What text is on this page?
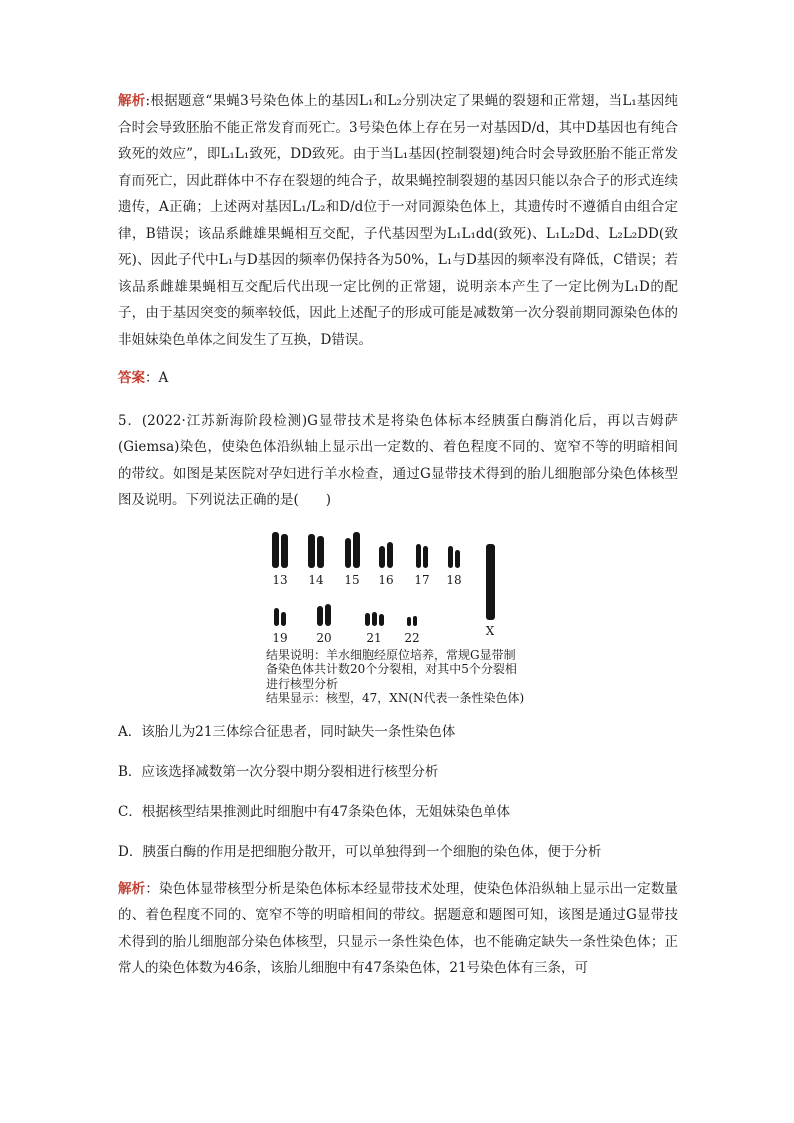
解析:根据题意“果蝇3号染色体上的基因L₁和L₂分别决定了果蝇的裂翅和正常翅，当L₁基因纯合时会导致胚胎不能正常发育而死亡。3号染色体上存在另一对基因D/d，其中D基因也有纯合致死的效应”，即L₁L₁致死，DD致死。由于当L₁基因(控制裂翅)纯合时会导致胚胎不能正常发育而死亡，因此群体中不存在裂翅的纯合子，故果蝇控制裂翅的基因只能以杂合子的形式连续遗传，A正确；上述两对基因L₁/L₂和D/d位于一对同源染色体上，其遗传时不遵循自由组合定律，B错误；该品系雌雄果蝇相互交配，子代基因型为L₁L₁dd(致死)、L₁L₂Dd、L₂L₂DD(致死)、因此子代中L₁与D基因的频率仍保持各为50%，L₁与D基因的频率没有降低，C错误；若该品系雌雄果蝇相互交配后代出现一定比例的正常翅，说明亲本产生了一定比例为L₁D的配子，由于基因突变的频率较低，因此上述配子的形成可能是减数第一次分裂前期同源染色体的非姐妹染色单体之间发生了互换，D错误。

答案：A

5．(2022·江苏新海阶段检测)G显带技术是将染色体标本经胰蛋白酶消化后，再以吉姆萨(Giemsa)染色，使染色体沿纵轴上显示出一定数的、着色程度不同的、宽窄不等的明暗相间的带纹。如图是某医院对孕妇进行羊水检查，通过G显带技术得到的胎儿细胞部分染色体核型图及说明。下列说法正确的是(　　)

13	14	15	16	17	18
19	20	21	22	X
结果说明：羊水细胞经原位培养，常规G显带制
备染色体共计数20个分裂相，对其中5个分裂相
进行核型分析
结果显示：核型，47，XN(N代表一条性染色体)

A．该胎儿为21三体综合征患者，同时缺失一条性染色体

B．应该选择减数第一次分裂中期分裂相进行核型分析

C．根据核型结果推测此时细胞中有47条染色体，无姐妹染色单体

D．胰蛋白酶的作用是把细胞分散开，可以单独得到一个细胞的染色体，便于分析

解析：染色体显带核型分析是染色体标本经显带技术处理，使染色体沿纵轴上显示出一定数量的、着色程度不同的、宽窄不等的明暗相间的带纹。据题意和题图可知，该图是通过G显带技术得到的胎儿细胞部分染色体核型，只显示一条性染色体，也不能确定缺失一条性染色体；正常人的染色体数为46条，该胎儿细胞中有47条染色体，21号染色体有三条，可
